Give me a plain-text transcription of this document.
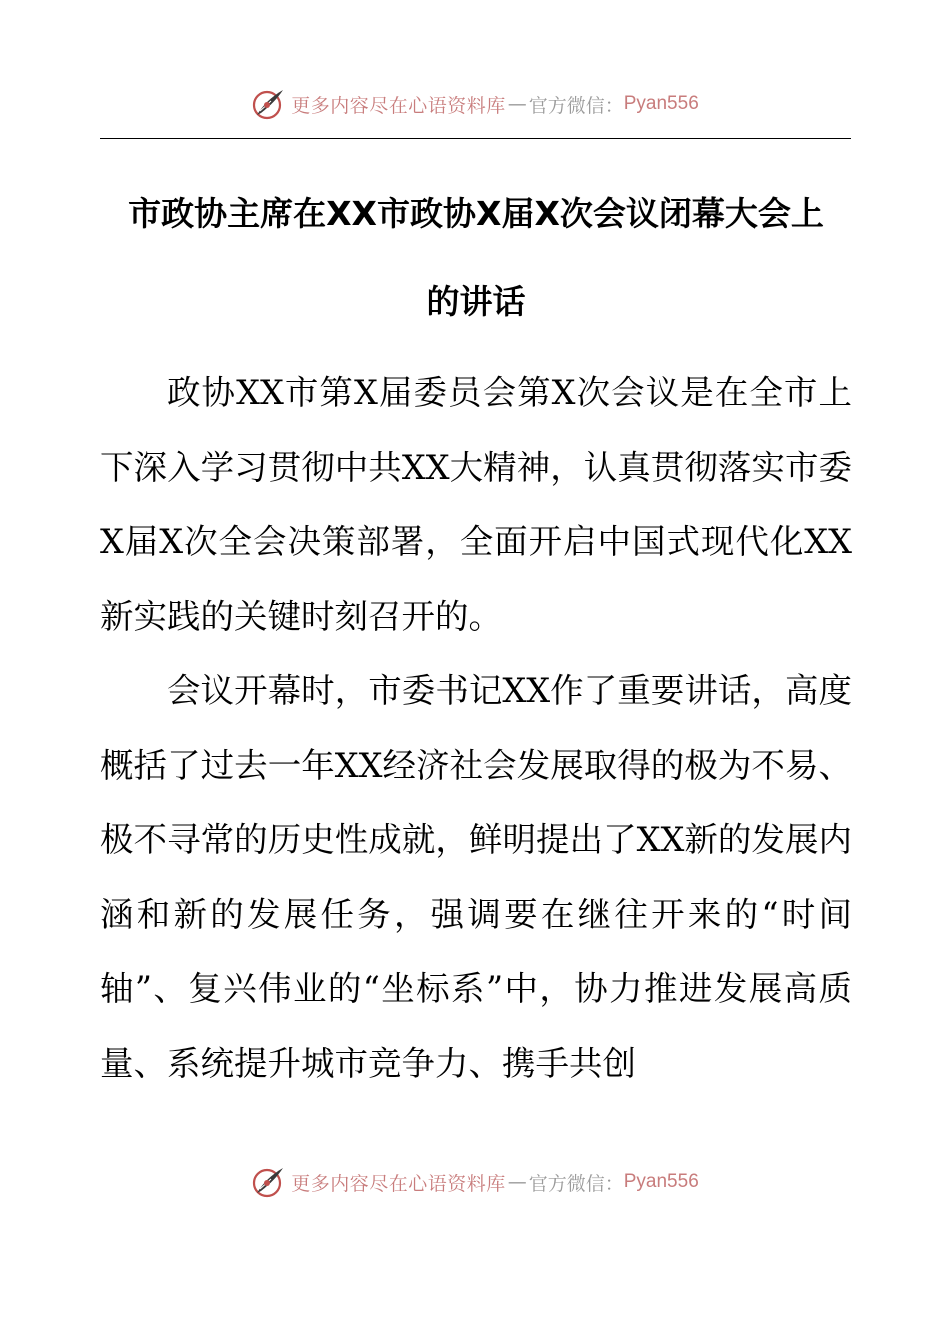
更多内容尽在心语资料库 — 官方微信： Pyan556
市政协主席在XX市政协X届X次会议闭幕大会上
的讲话

政协XX市第X届委员会第X次会议是在全市上下深入学习贯彻中共XX大精神，认真贯彻落实市委X届X次全会决策部署，全面开启中国式现代化XX新实践的关键时刻召开的。

会议开幕时，市委书记XX作了重要讲话，高度概括了过去一年XX经济社会发展取得的极为不易、极不寻常的历史性成就，鲜明提出了XX新的发展内涵和新的发展任务，强调要在继往开来的“时间轴”、复兴伟业的“坐标系”中，协力推进发展高质量、系统提升城市竞争力、携手共创

更多内容尽在心语资料库 — 官方微信： Pyan556
